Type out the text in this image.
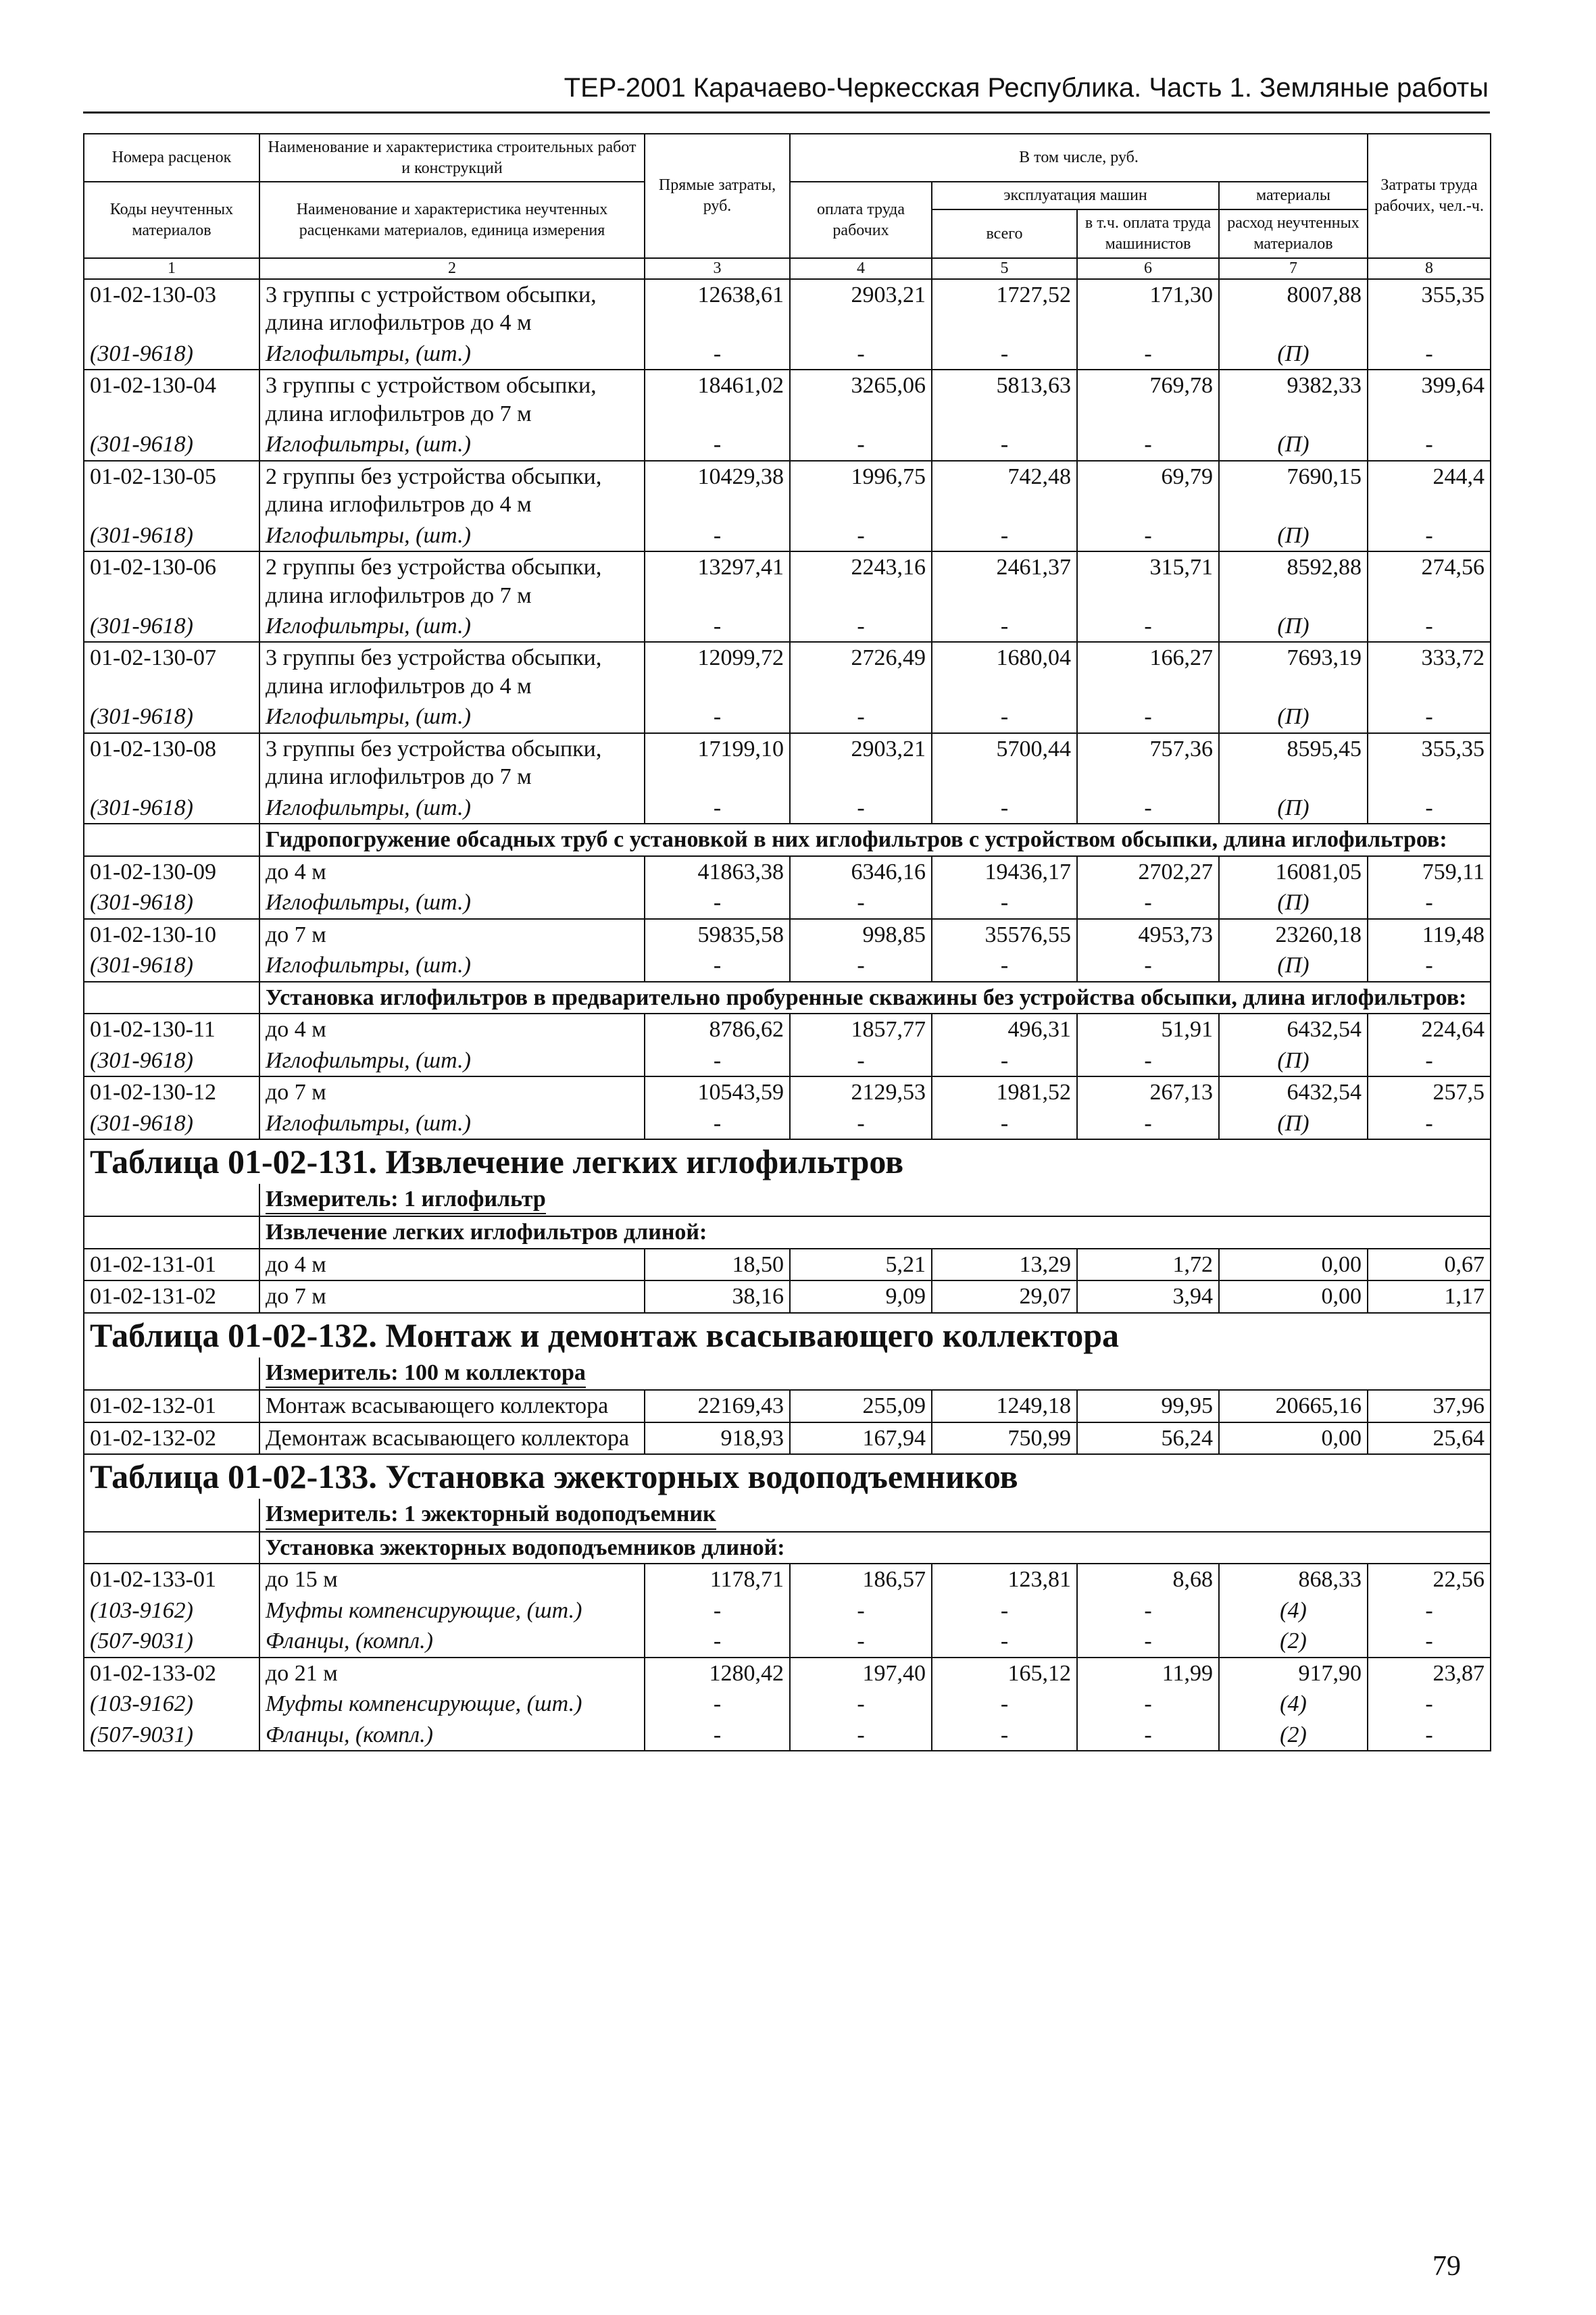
ТЕР-2001 Карачаево-Черкесская Республика. Часть 1. Земляные работы
Номера расценок	Наименование и характеристика строительных работ и конструкций	Прямые затраты, руб.	В том числе, руб.				Затраты труда рабочих, чел.-ч.
Коды неучтенных материалов	Наименование и характеристика неучтенных расценками материалов, единица измерения		оплата труда рабочих	эксплуатация машин		материалы	
				всего	в т.ч. оплата труда машинистов	расход неучтенных материалов	
1	2	3	4	5	6	7	8
01-02-130-03	3 группы с устройством обсыпки, длина иглофильтров до 4 м	12638,61	2903,21	1727,52	171,30	8007,88	355,35
(301-9618)	Иглофильтры, (шт.)	-	-	-	-	(П)	-
01-02-130-04	3 группы с устройством обсыпки, длина иглофильтров до 7 м	18461,02	3265,06	5813,63	769,78	9382,33	399,64
(301-9618)	Иглофильтры, (шт.)	-	-	-	-	(П)	-
01-02-130-05	2 группы без устройства обсыпки, длина иглофильтров до 4 м	10429,38	1996,75	742,48	69,79	7690,15	244,4
(301-9618)	Иглофильтры, (шт.)	-	-	-	-	(П)	-
01-02-130-06	2 группы без устройства обсыпки, длина иглофильтров до 7 м	13297,41	2243,16	2461,37	315,71	8592,88	274,56
(301-9618)	Иглофильтры, (шт.)	-	-	-	-	(П)	-
01-02-130-07	3 группы без устройства обсыпки, длина иглофильтров до 4 м	12099,72	2726,49	1680,04	166,27	7693,19	333,72
(301-9618)	Иглофильтры, (шт.)	-	-	-	-	(П)	-
01-02-130-08	3 группы без устройства обсыпки, длина иглофильтров до 7 м	17199,10	2903,21	5700,44	757,36	8595,45	355,35
(301-9618)	Иглофильтры, (шт.)	-	-	-	-	(П)	-
	Гидропогружение обсадных труб с установкой в них иглофильтров с устройством обсыпки, длина иглофильтров:						
01-02-130-09	до 4 м	41863,38	6346,16	19436,17	2702,27	16081,05	759,11
(301-9618)	Иглофильтры, (шт.)	-	-	-	-	(П)	-
01-02-130-10	до 7 м	59835,58	998,85	35576,55	4953,73	23260,18	119,48
(301-9618)	Иглофильтры, (шт.)	-	-	-	-	(П)	-
	Установка иглофильтров в предварительно пробуренные скважины без устройства обсыпки, длина иглофильтров:						
01-02-130-11	до 4 м	8786,62	1857,77	496,31	51,91	6432,54	224,64
(301-9618)	Иглофильтры, (шт.)	-	-	-	-	(П)	-
01-02-130-12	до 7 м	10543,59	2129,53	1981,52	267,13	6432,54	257,5
(301-9618)	Иглофильтры, (шт.)	-	-	-	-	(П)	-
Таблица 01-02-131. Извлечение легких иглофильтров							
	Измеритель: 1 иглофильтр						
	Извлечение легких иглофильтров длиной:						
01-02-131-01	до 4 м	18,50	5,21	13,29	1,72	0,00	0,67
01-02-131-02	до 7 м	38,16	9,09	29,07	3,94	0,00	1,17
Таблица 01-02-132. Монтаж и демонтаж всасывающего коллектора							
	Измеритель: 100 м коллектора						
01-02-132-01	Монтаж всасывающего коллектора	22169,43	255,09	1249,18	99,95	20665,16	37,96
01-02-132-02	Демонтаж всасывающего коллектора	918,93	167,94	750,99	56,24	0,00	25,64
Таблица 01-02-133. Установка эжекторных водоподъемников							
	Измеритель: 1 эжекторный водоподъемник						
	Установка эжекторных водоподъемников длиной:						
01-02-133-01	до 15 м	1178,71	186,57	123,81	8,68	868,33	22,56
(103-9162)	Муфты компенсирующие, (шт.)	-	-	-	-	(4)	-
(507-9031)	Фланцы, (компл.)	-	-	-	-	(2)	-
01-02-133-02	до 21 м	1280,42	197,40	165,12	11,99	917,90	23,87
(103-9162)	Муфты компенсирующие, (шт.)	-	-	-	-	(4)	-
(507-9031)	Фланцы, (компл.)	-	-	-	-	(2)	-
79
